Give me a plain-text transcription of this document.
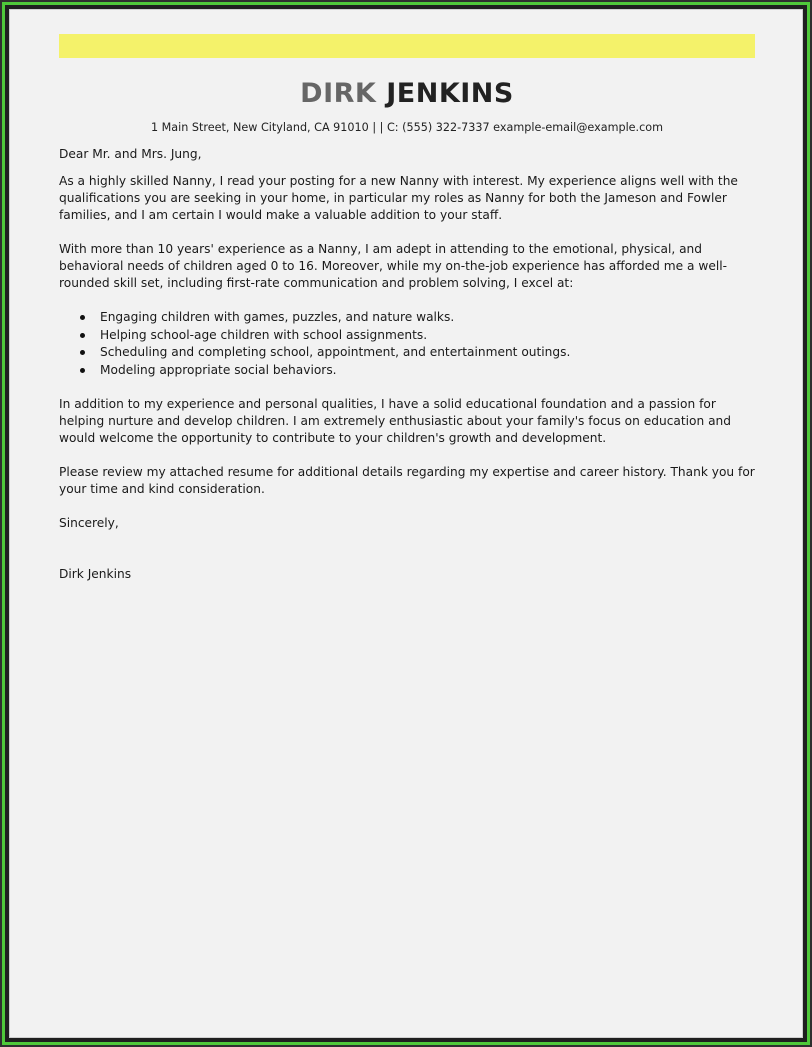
DIRK JENKINS
1 Main Street, New Cityland, CA 91010 | | C: (555) 322-7337 example-email@example.com

Dear Mr. and Mrs. Jung,

As a highly skilled Nanny, I read your posting for a new Nanny with interest. My experience aligns well with the qualifications you are seeking in your home, in particular my roles as Nanny for both the Jameson and Fowler families, and I am certain I would make a valuable addition to your staff.

With more than 10 years' experience as a Nanny, I am adept in attending to the emotional, physical, and behavioral needs of children aged 0 to 16. Moreover, while my on-the-job experience has afforded me a well-rounded skill set, including first-rate communication and problem solving, I excel at:

Engaging children with games, puzzles, and nature walks.
Helping school-age children with school assignments.
Scheduling and completing school, appointment, and entertainment outings.
Modeling appropriate social behaviors.

In addition to my experience and personal qualities, I have a solid educational foundation and a passion for helping nurture and develop children. I am extremely enthusiastic about your family's focus on education and would welcome the opportunity to contribute to your children's growth and development.

Please review my attached resume for additional details regarding my expertise and career history. Thank you for your time and kind consideration.

Sincerely,

Dirk Jenkins
